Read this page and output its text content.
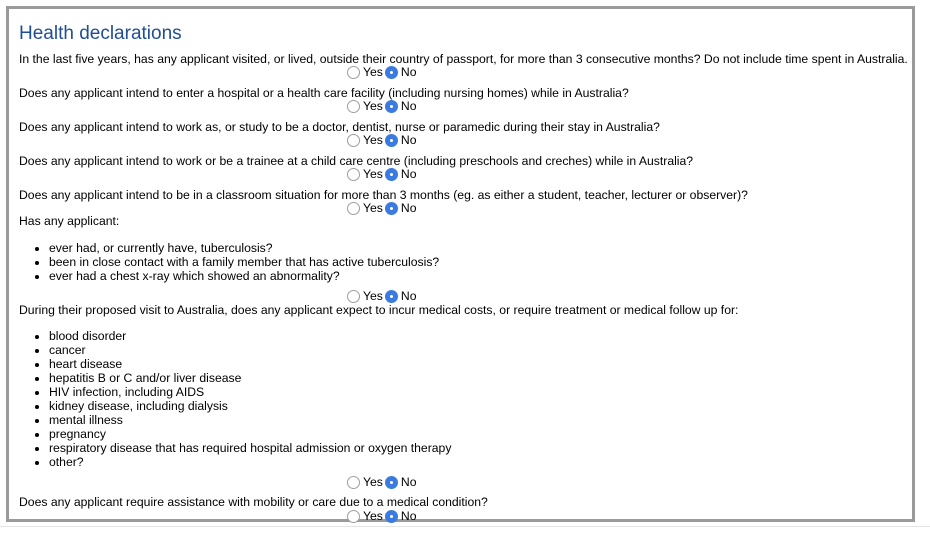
Health declarations
In the last five years, has any applicant visited, or lived, outside their country of passport, for more than 3 consecutive months? Do not include time spent in Australia.
Yes No
Does any applicant intend to enter a hospital or a health care facility (including nursing homes) while in Australia?
Yes No
Does any applicant intend to work as, or study to be a doctor, dentist, nurse or paramedic during their stay in Australia?
Yes No
Does any applicant intend to work or be a trainee at a child care centre (including preschools and creches) while in Australia?
Yes No
Does any applicant intend to be in a classroom situation for more than 3 months (eg. as either a student, teacher, lecturer or observer)?
Yes No
Has any applicant:
• ever had, or currently have, tuberculosis?
• been in close contact with a family member that has active tuberculosis?
• ever had a chest x-ray which showed an abnormality?
Yes No
During their proposed visit to Australia, does any applicant expect to incur medical costs, or require treatment or medical follow up for:
• blood disorder
• cancer
• heart disease
• hepatitis B or C and/or liver disease
• HIV infection, including AIDS
• kidney disease, including dialysis
• mental illness
• pregnancy
• respiratory disease that has required hospital admission or oxygen therapy
• other?
Yes No
Does any applicant require assistance with mobility or care due to a medical condition?
Yes No
